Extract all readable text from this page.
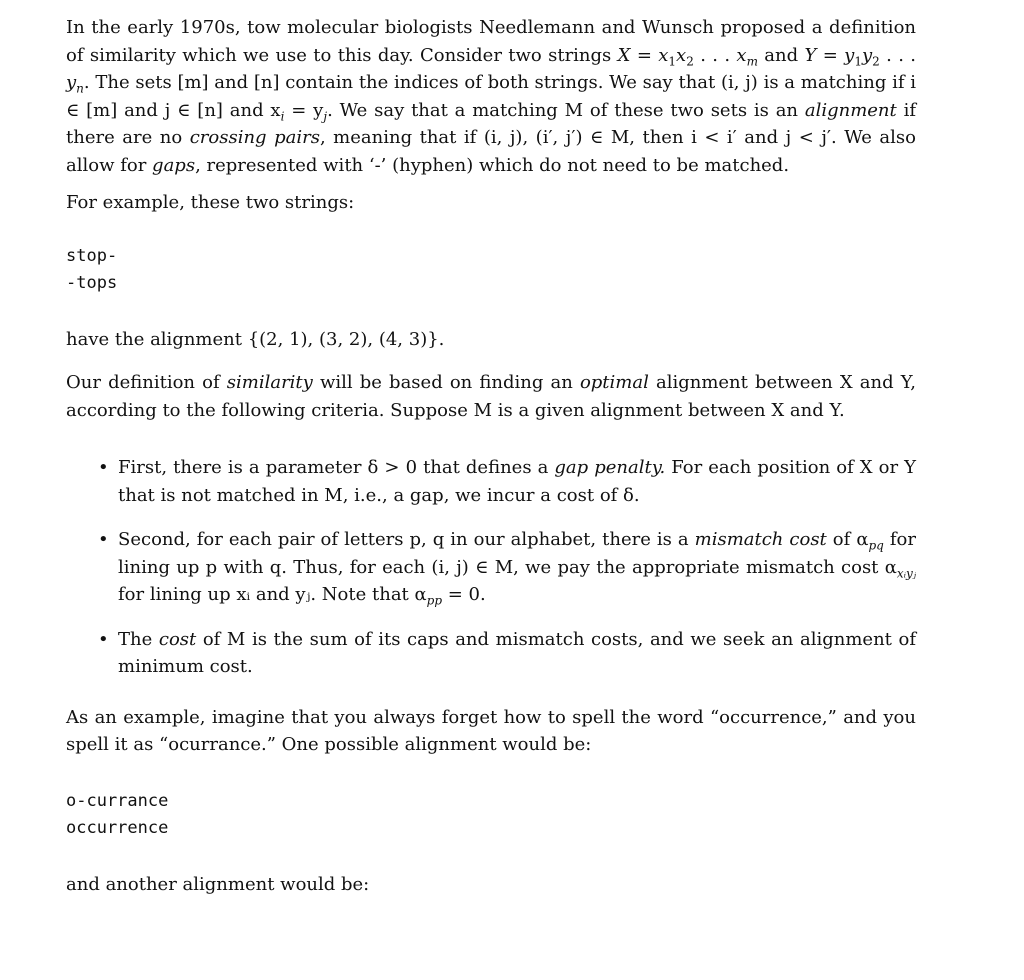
In the early 1970s, tow molecular biologists Needlemann and Wunsch proposed a definition of similarity which we use to this day. Consider two strings $X = x_1x_2$ . . . $x_m$ and $Y = y_1y_2$ . . . $y_n$. The sets [m] and [n] contain the indices of both strings. We say that (i, j) is a matching if i ∈ [m] and j ∈ [n] and $x_i = y_j$. We say that a matching M of these two sets is an alignment if there are no crossing pairs, meaning that if (i, j), (i′, j′) ∈ M, then i < i′ and j < j′. We also allow for gaps, represented with ‘-’ (hyphen) which do not need to be matched.

For example, these two strings:

stop-
-tops

have the alignment {(2, 1), (3, 2), (4, 3)}.

Our definition of similarity will be based on finding an optimal alignment between X and Y, according to the following criteria. Suppose M is a given alignment between X and Y.

• First, there is a parameter δ > 0 that defines a gap penalty. For each position of X or Y that is not matched in M, i.e., a gap, we incur a cost of δ.
• Second, for each pair of letters p, q in our alphabet, there is a mismatch cost of $\alpha_{pq}$ for lining up p with q. Thus, for each (i, j) ∈ M, we pay the appropriate mismatch cost $\alpha_{xᵢyⱼ}$ for lining up xᵢ and yⱼ. Note that $\alpha_{pp} = 0$.
• The cost of M is the sum of its caps and mismatch costs, and we seek an alignment of minimum cost.

As an example, imagine that you always forget how to spell the word “occurrence,” and you spell it as “ocurrance.” One possible alignment would be:

o-currance
occurrence

and another alignment would be:
